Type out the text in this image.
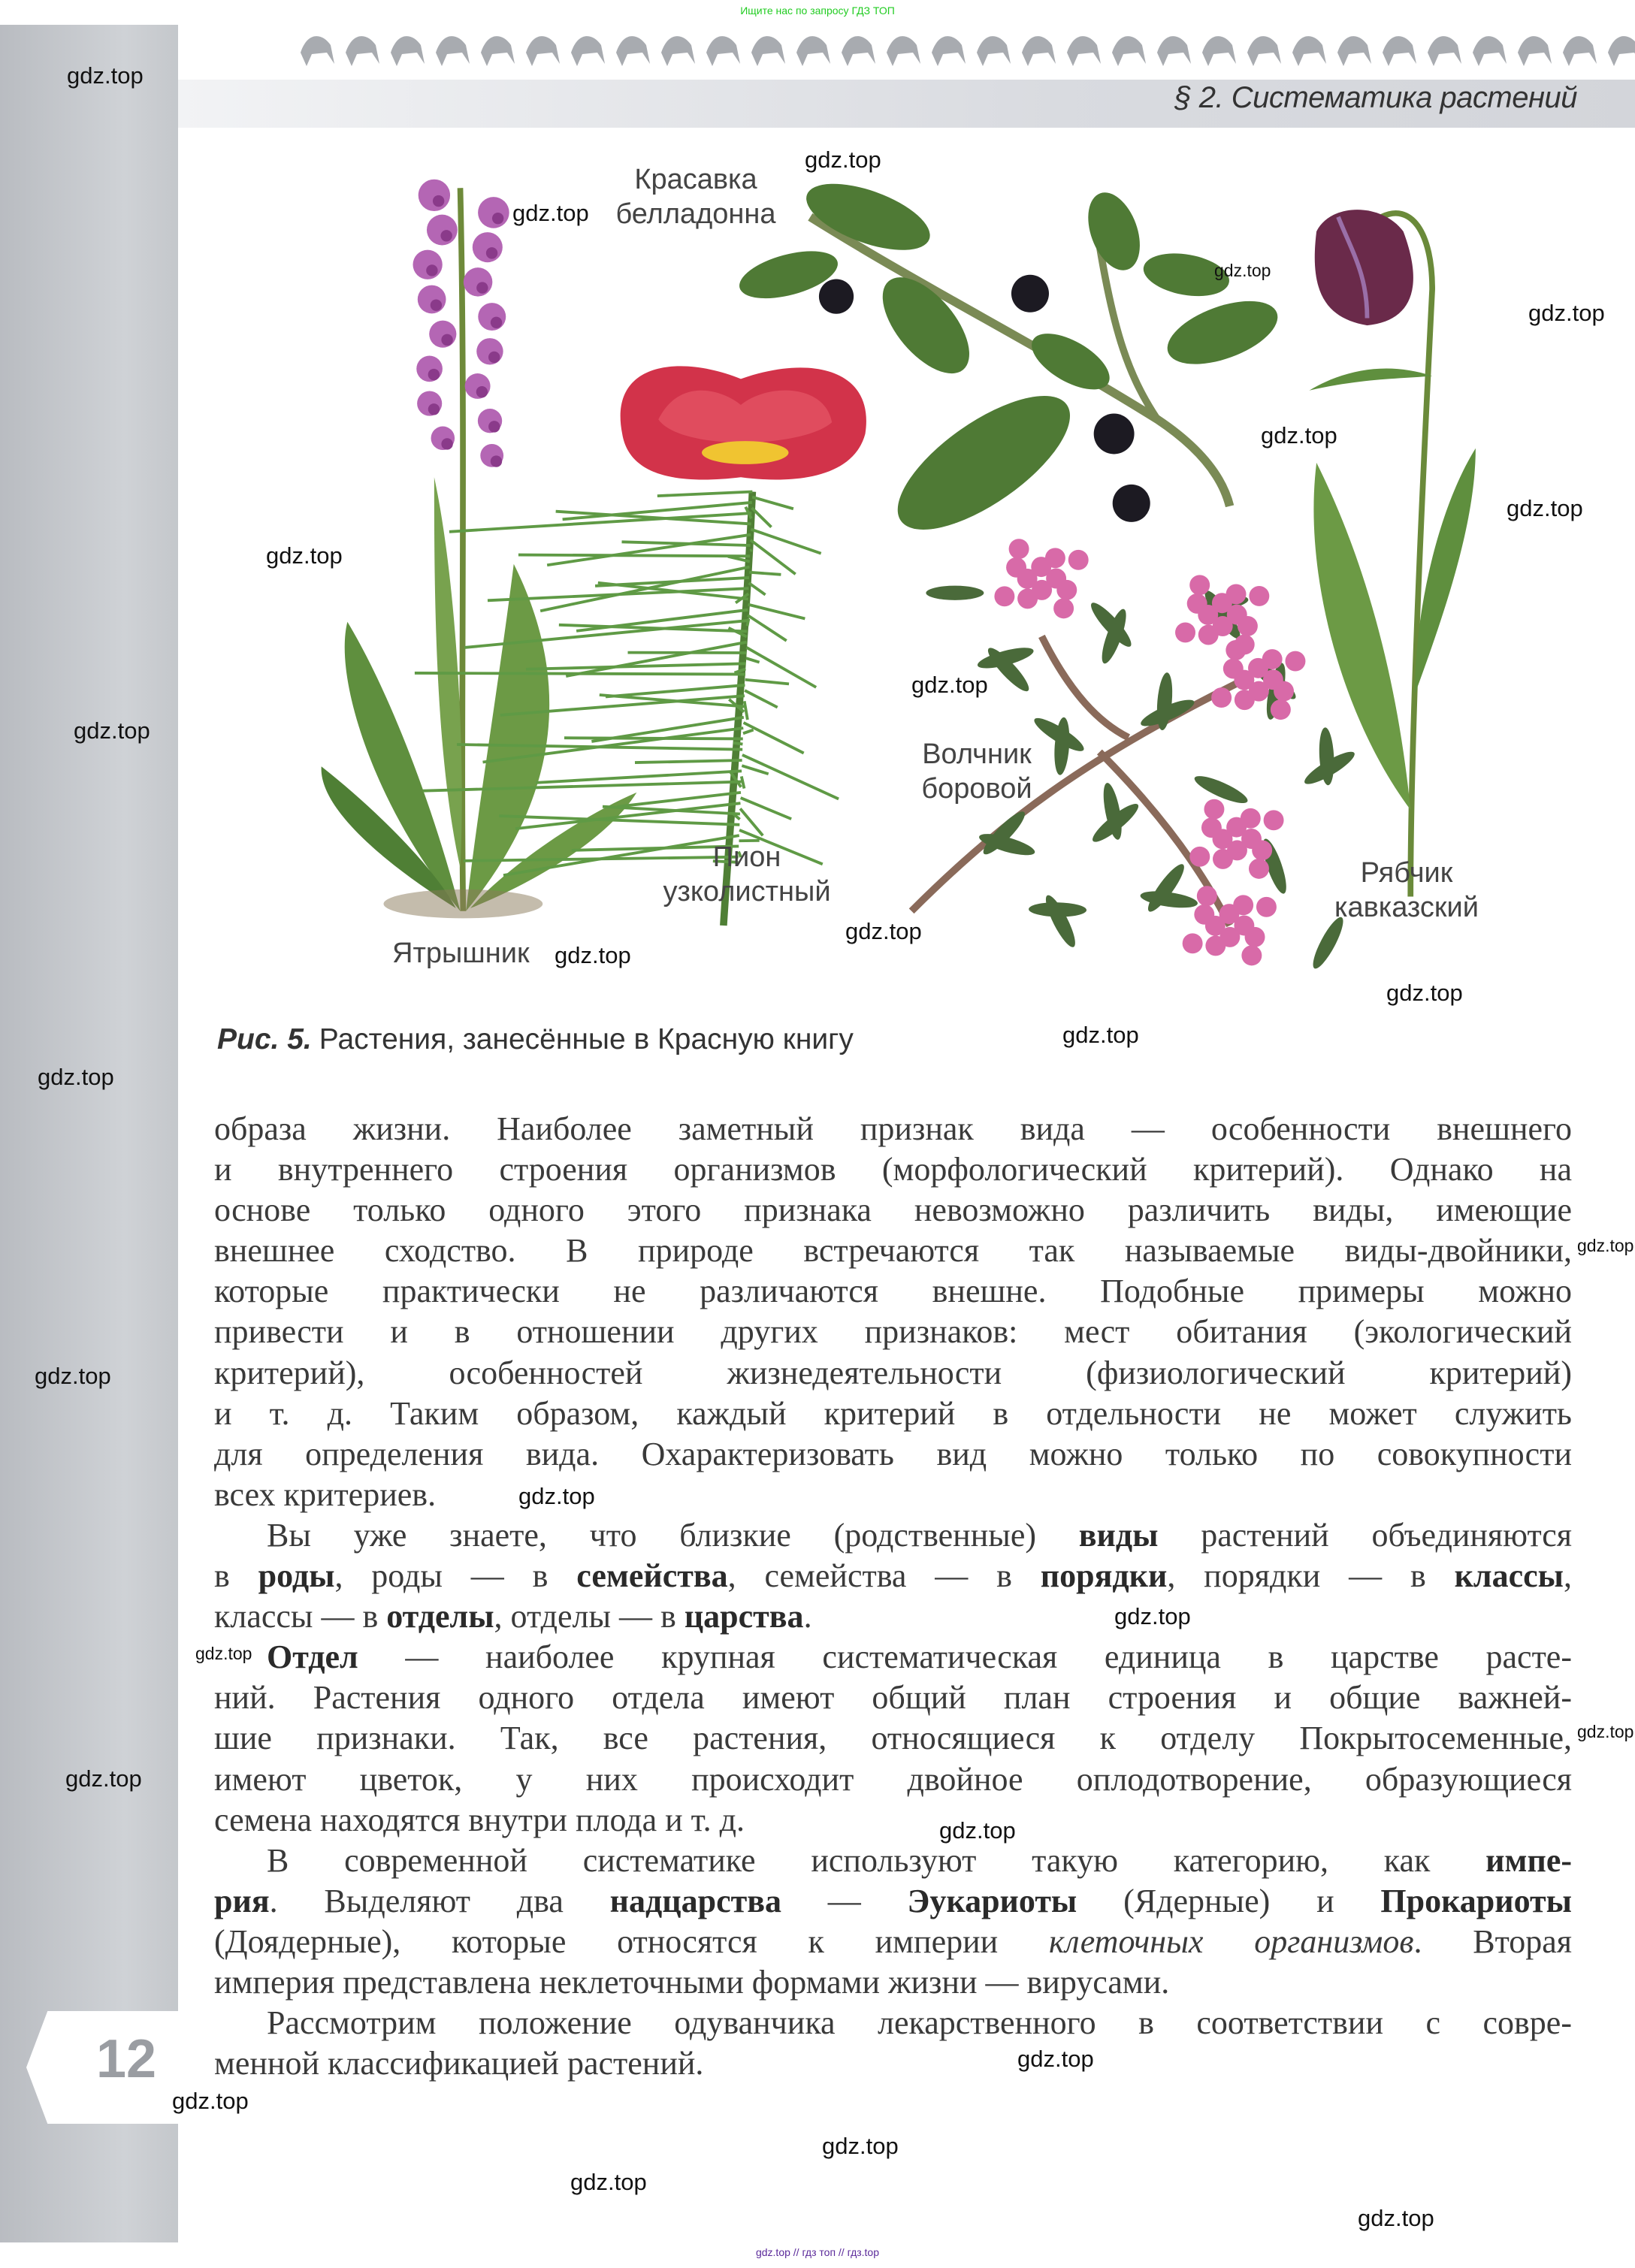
Ищите нас по запросу ГДЗ ТОП
§ 2. Систематика растений
Красавка
белладонна
Пион
узколистный
Волчник
боровой
Рябчик
кавказский
Ятрышник
Рис. 5. Растения, занесённые в Красную книгу
образа жизни. Наиболее заметный признак вида — особенности внешнего
и внутреннего строения организмов (морфологический критерий). Однако на
основе только одного этого признака невозможно различить виды, имеющие
внешнее сходство. В природе встречаются так называемые виды-двойники,
которые практически не различаются внешне. Подобные примеры можно
привести и в отношении других признаков: мест обитания (экологический
критерий), особенностей жизнедеятельности (физиологический критерий)
и т. д. Таким образом, каждый критерий в отдельности не может служить
для определения вида. Охарактеризовать вид можно только по совокупности
всех критериев.
Вы уже знаете, что близкие (родственные) виды растений объединяются
в роды, роды — в семейства, семейства — в порядки, порядки — в классы,
классы — в отделы, отделы — в царства.
Отдел — наиболее крупная систематическая единица в царстве расте-
ний. Растения одного отдела имеют общий план строения и общие важней-
шие признаки. Так, все растения, относящиеся к отделу Покрытосеменные,
имеют цветок, у них происходит двойное оплодотворение, образующиеся
семена находятся внутри плода и т. д.
В современной систематике используют такую категорию, как импе-
рия. Выделяют два надцарства — Эукариоты (Ядерные) и Прокариоты
(Доядерные), которые относятся к империи клеточных организмов. Вторая
империя представлена неклеточными формами жизни — вирусами.
Рассмотрим положение одуванчика лекарственного в соответствии с совре-
менной классификацией растений.
12
gdz.top
gdz.top
gdz.top
gdz.top
gdz.top
gdz.top
gdz.top
gdz.top
gdz.top
gdz.top
gdz.top
gdz.top
gdz.top
gdz.top
gdz.top
gdz.top
gdz.top
gdz.top
gdz.top
gdz.top
gdz.top
gdz.top
gdz.top
gdz.top
gdz.top
gdz.top
gdz.top
gdz.top
gdz.top // гдз топ // гдз.top
